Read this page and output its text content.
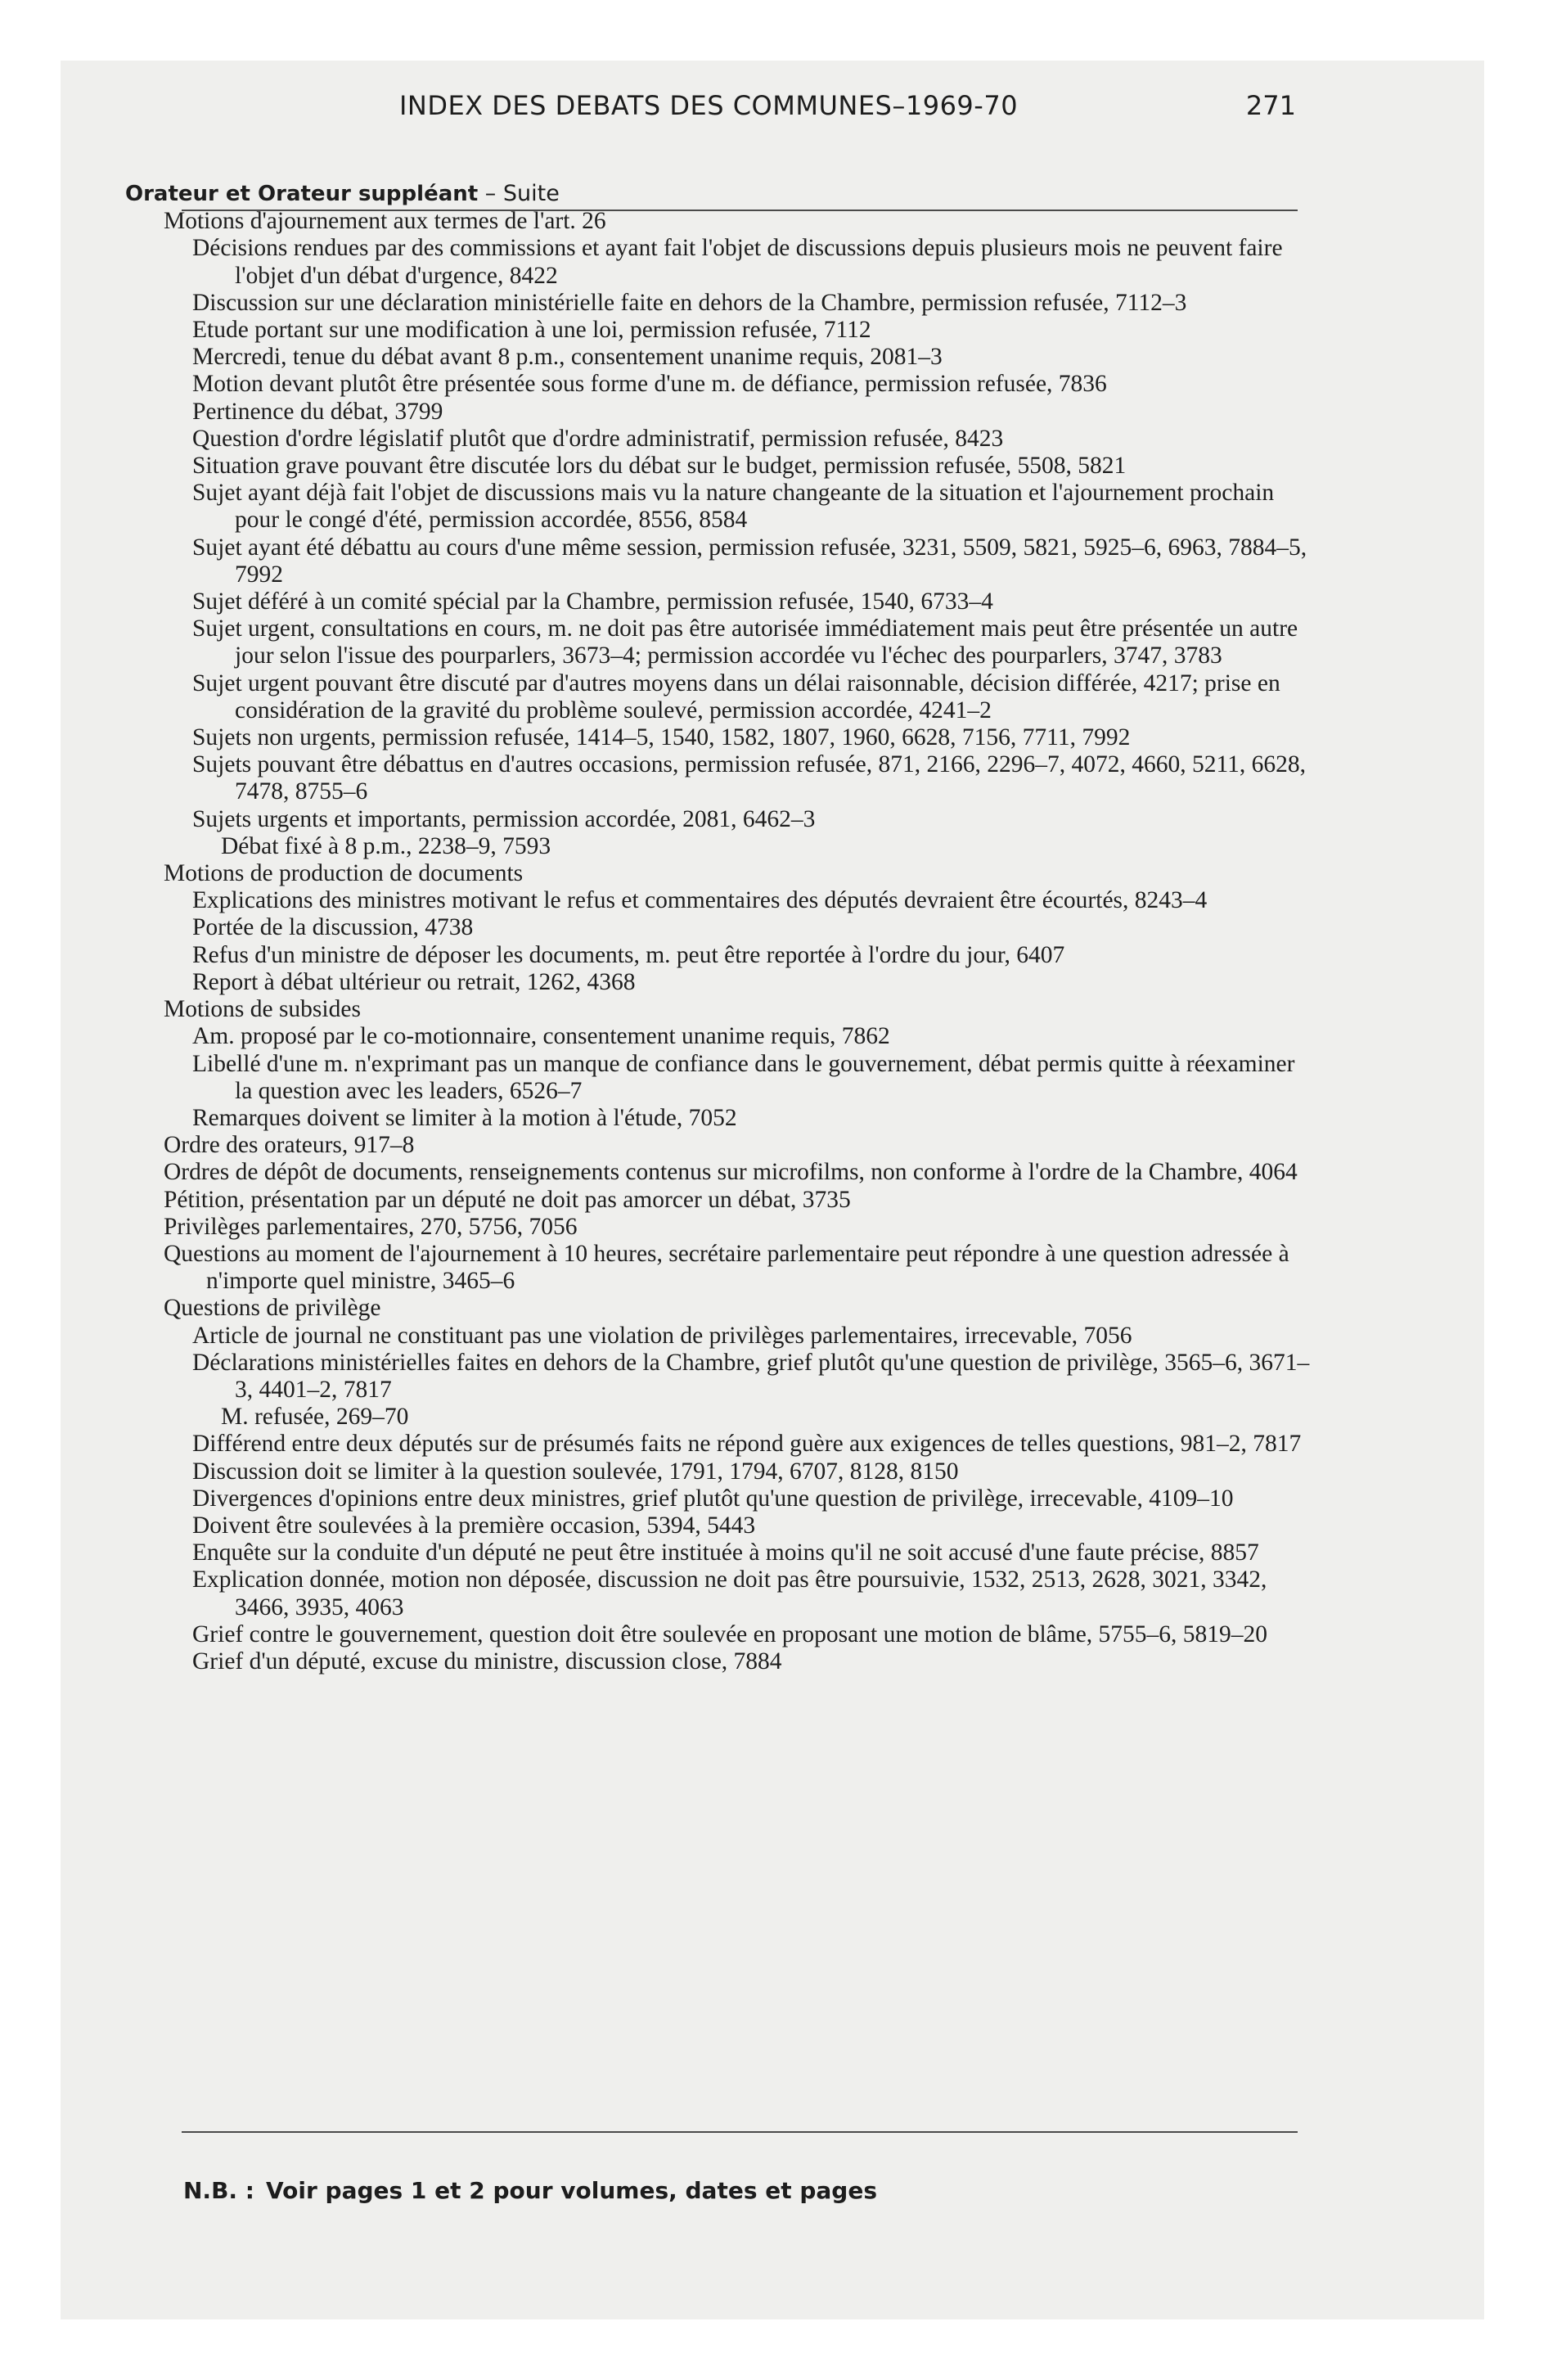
INDEX DES DEBATS DES COMMUNES–1969-70	271
Orateur et Orateur suppléant – Suite
Motions d'ajournement aux termes de l'art. 26
Décisions rendues par des commissions et ayant fait l'objet de discussions depuis plusieurs mois ne peuvent faire l'objet d'un débat d'urgence, 8422
Discussion sur une déclaration ministérielle faite en dehors de la Chambre, permission refusée, 7112–3
Etude portant sur une modification à une loi, permission refusée, 7112
Mercredi, tenue du débat avant 8 p.m., consentement unanime requis, 2081–3
Motion devant plutôt être présentée sous forme d'une m. de défiance, permission refusée, 7836
Pertinence du débat, 3799
Question d'ordre législatif plutôt que d'ordre administratif, permission refusée, 8423
Situation grave pouvant être discutée lors du débat sur le budget, permission refusée, 5508, 5821
Sujet ayant déjà fait l'objet de discussions mais vu la nature changeante de la situation et l'ajournement prochain pour le congé d'été, permission accordée, 8556, 8584
Sujet ayant été débattu au cours d'une même session, permission refusée, 3231, 5509, 5821, 5925–6, 6963, 7884–5, 7992
Sujet déféré à un comité spécial par la Chambre, permission refusée, 1540, 6733–4
Sujet urgent, consultations en cours, m. ne doit pas être autorisée immédiatement mais peut être présentée un autre jour selon l'issue des pourparlers, 3673–4; permission accordée vu l'échec des pourparlers, 3747, 3783
Sujet urgent pouvant être discuté par d'autres moyens dans un délai raisonnable, décision différée, 4217; prise en considération de la gravité du problème soulevé, permission accordée, 4241–2
Sujets non urgents, permission refusée, 1414–5, 1540, 1582, 1807, 1960, 6628, 7156, 7711, 7992
Sujets pouvant être débattus en d'autres occasions, permission refusée, 871, 2166, 2296–7, 4072, 4660, 5211, 6628, 7478, 8755–6
Sujets urgents et importants, permission accordée, 2081, 6462–3
Débat fixé à 8 p.m., 2238–9, 7593
Motions de production de documents
Explications des ministres motivant le refus et commentaires des députés devraient être écourtés, 8243–4
Portée de la discussion, 4738
Refus d'un ministre de déposer les documents, m. peut être reportée à l'ordre du jour, 6407
Report à débat ultérieur ou retrait, 1262, 4368
Motions de subsides
Am. proposé par le co-motionnaire, consentement unanime requis, 7862
Libellé d'une m. n'exprimant pas un manque de confiance dans le gouvernement, débat permis quitte à réexaminer la question avec les leaders, 6526–7
Remarques doivent se limiter à la motion à l'étude, 7052
Ordre des orateurs, 917–8
Ordres de dépôt de documents, renseignements contenus sur microfilms, non conforme à l'ordre de la Chambre, 4064
Pétition, présentation par un député ne doit pas amorcer un débat, 3735
Privilèges parlementaires, 270, 5756, 7056
Questions au moment de l'ajournement à 10 heures, secrétaire parlementaire peut répondre à une question adressée à n'importe quel ministre, 3465–6
Questions de privilège
Article de journal ne constituant pas une violation de privilèges parlementaires, irrecevable, 7056
Déclarations ministérielles faites en dehors de la Chambre, grief plutôt qu'une question de privilège, 3565–6, 3671–3, 4401–2, 7817
M. refusée, 269–70
Différend entre deux députés sur de présumés faits ne répond guère aux exigences de telles questions, 981–2, 7817
Discussion doit se limiter à la question soulevée, 1791, 1794, 6707, 8128, 8150
Divergences d'opinions entre deux ministres, grief plutôt qu'une question de privilège, irrecevable, 4109–10
Doivent être soulevées à la première occasion, 5394, 5443
Enquête sur la conduite d'un député ne peut être instituée à moins qu'il ne soit accusé d'une faute précise, 8857
Explication donnée, motion non déposée, discussion ne doit pas être poursuivie, 1532, 2513, 2628, 3021, 3342, 3466, 3935, 4063
Grief contre le gouvernement, question doit être soulevée en proposant une motion de blâme, 5755–6, 5819–20
Grief d'un député, excuse du ministre, discussion close, 7884
N.B. : Voir pages 1 et 2 pour volumes, dates et pages
